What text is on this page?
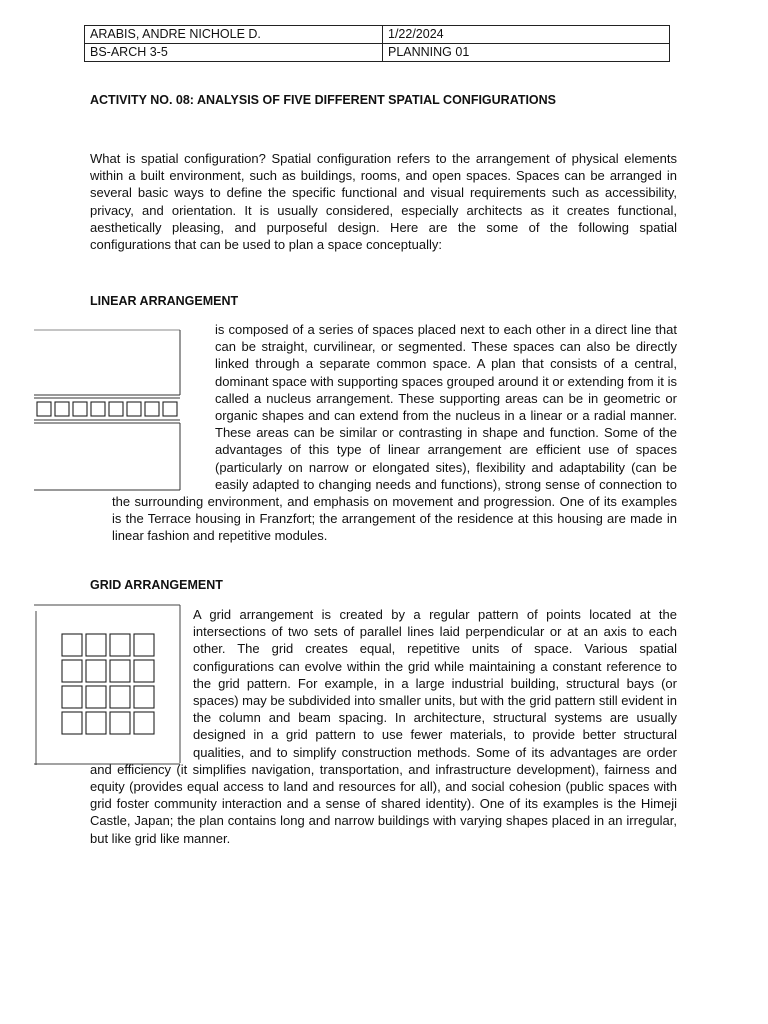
ARABIS, ANDRE NICHOLE D.	1/22/2024
BS-ARCH 3-5	PLANNING 01
ACTIVITY NO. 08: ANALYSIS OF FIVE DIFFERENT SPATIAL CONFIGURATIONS

What is spatial configuration? Spatial configuration refers to the arrangement of physical elements within a built environment, such as buildings, rooms, and open spaces. Spaces can be arranged in several basic ways to define the specific functional and visual requirements such as accessibility, privacy, and orientation. It is usually considered, especially architects as it creates functional, aesthetically pleasing, and purposeful design. Here are the some of the following spatial configurations that can be used to plan a space conceptually:

LINEAR ARRANGEMENT

is composed of a series of spaces placed next to each other in a direct line that can be straight, curvilinear, or segmented. These spaces can also be directly linked through a separate common space. A plan that consists of a central, dominant space with supporting spaces grouped around it or extending from it is called a nucleus arrangement. These supporting areas can be in geometric or organic shapes and can extend from the nucleus in a linear or a radial manner. These areas can be similar or contrasting in shape and function. Some of the advantages of this type of linear arrangement are efficient use of spaces (particularly on narrow or elongated sites), flexibility and adaptability (can be easily adapted to changing needs and functions), strong sense of connection to the surrounding environment, and emphasis on movement and progression. One of its examples is the Terrace housing in Franzfort; the arrangement of the residence at this housing are made in linear fashion and repetitive modules.

GRID ARRANGEMENT

A grid arrangement is created by a regular pattern of points located at the intersections of two sets of parallel lines laid perpendicular or at an axis to each other. The grid creates equal, repetitive units of space. Various spatial configurations can evolve within the grid while maintaining a constant reference to the grid pattern. For example, in a large industrial building, structural bays (or spaces) may be subdivided into smaller units, but with the grid pattern still evident in the column and beam spacing. In architecture, structural systems are usually designed in a grid pattern to use fewer materials, to provide better structural qualities, and to simplify construction methods. Some of its advantages are order and efficiency (it simplifies navigation, transportation, and infrastructure development), fairness and equity (provides equal access to land and resources for all), and social cohesion (public spaces with grid foster community interaction and a sense of shared identity). One of its examples is the Himeji Castle, Japan; the plan contains long and narrow buildings with varying shapes placed in an irregular, but like grid like manner.
